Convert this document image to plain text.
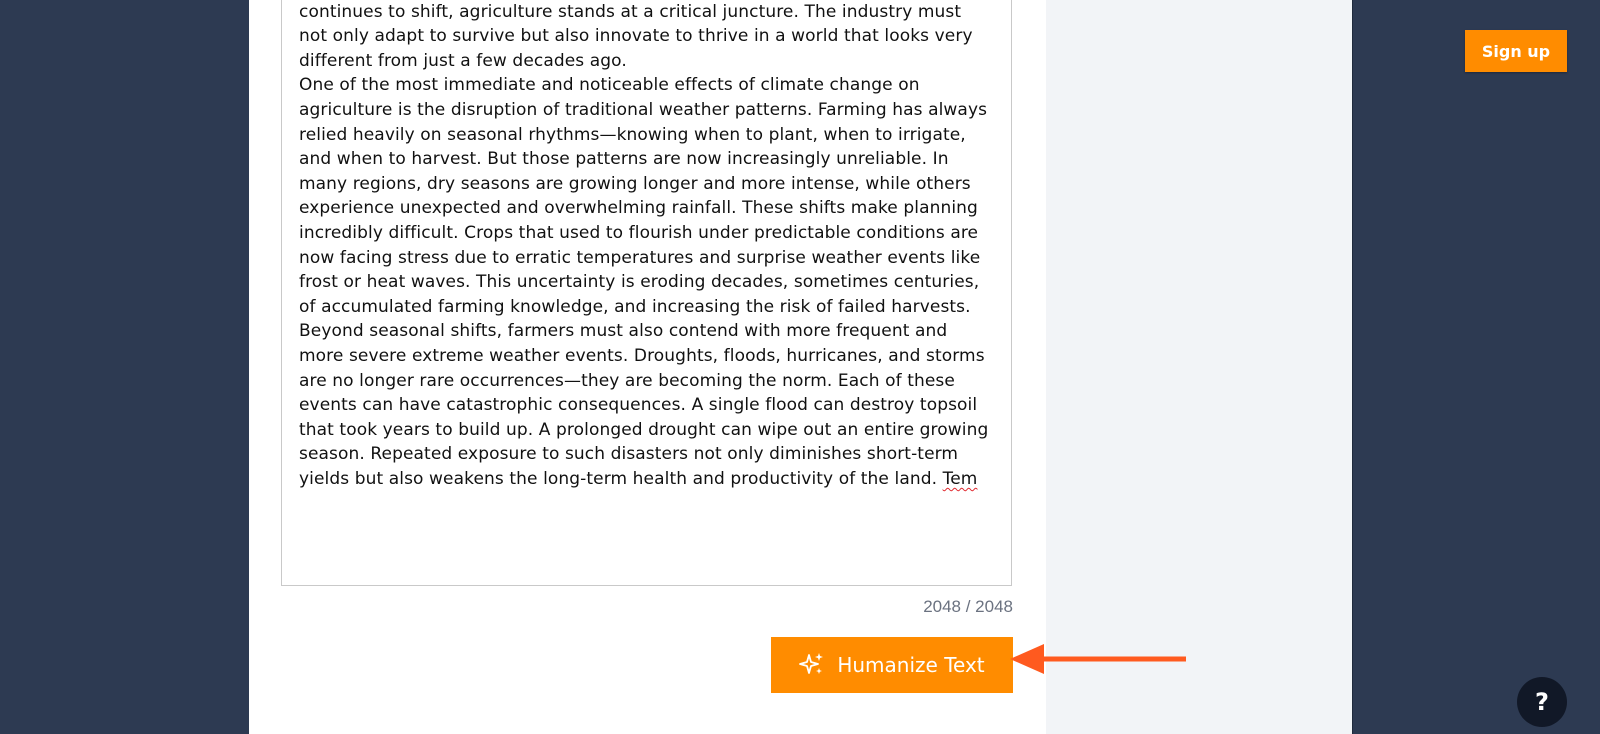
continues to shift, agriculture stands at a critical juncture. The industry must not only adapt to survive but also innovate to thrive in a world that looks very different from just a few decades ago.

One of the most immediate and noticeable effects of climate change on agriculture is the disruption of traditional weather patterns. Farming has always relied heavily on seasonal rhythms—knowing when to plant, when to irrigate, and when to harvest. But those patterns are now increasingly unreliable. In many regions, dry seasons are growing longer and more intense, while others experience unexpected and overwhelming rainfall. These shifts make planning incredibly difficult. Crops that used to flourish under predictable conditions are now facing stress due to erratic temperatures and surprise weather events like frost or heat waves. This uncertainty is eroding decades, sometimes centuries, of accumulated farming knowledge, and increasing the risk of failed harvests.

Beyond seasonal shifts, farmers must also contend with more frequent and more severe extreme weather events. Droughts, floods, hurricanes, and storms are no longer rare occurrences—they are becoming the norm. Each of these events can have catastrophic consequences. A single flood can destroy topsoil that took years to build up. A prolonged drought can wipe out an entire growing season. Repeated exposure to such disasters not only diminishes short-term yields but also weakens the long-term health and productivity of the land. Tem

2048 / 2048
Humanize Text
Sign up
?
